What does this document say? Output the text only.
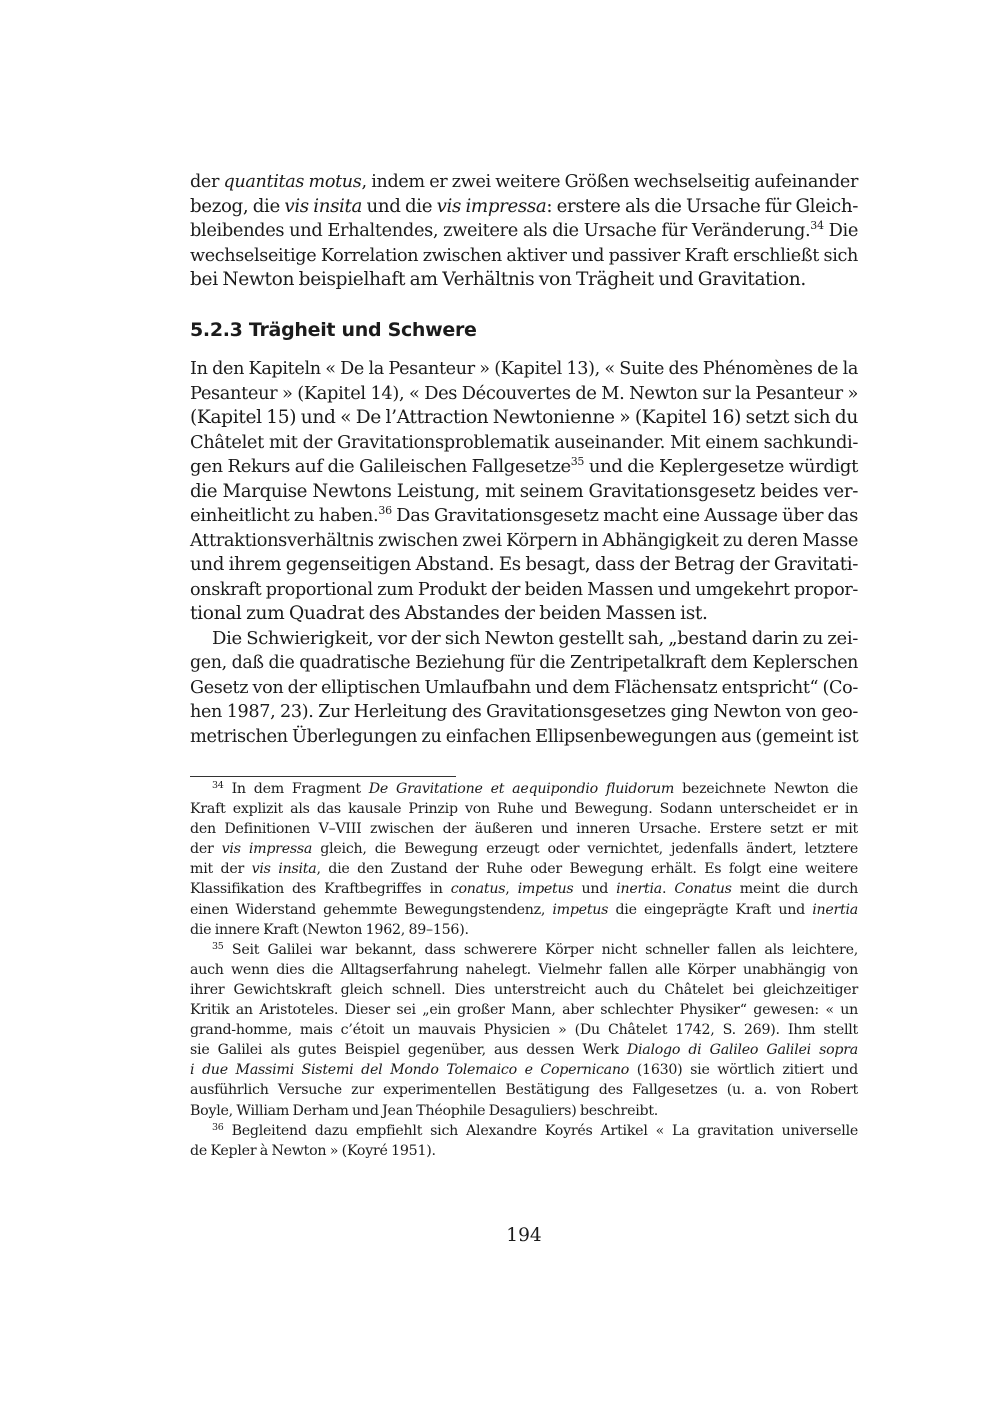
der quantitas motus, indem er zwei weitere Größen wechselseitig aufeinander
bezog, die vis insita und die vis impressa: erstere als die Ursache für Gleich-
bleibendes und Erhaltendes, zweitere als die Ursache für Veränderung.$^{34}$ Die
wechselseitige Korrelation zwischen aktiver und passiver Kraft erschließt sich
bei Newton beispielhaft am Verhältnis von Trägheit und Gravitation.
5.2.3 Trägheit und Schwere
In den Kapiteln « De la Pesanteur » (Kapitel 13), « Suite des Phénomènes de la
Pesanteur » (Kapitel 14), « Des Découvertes de M. Newton sur la Pesanteur »
(Kapitel 15) und « De l’Attraction Newtonienne » (Kapitel 16) setzt sich du
Châtelet mit der Gravitationsproblematik auseinander. Mit einem sachkundi-
gen Rekurs auf die Galileischen Fallgesetze$^{35}$ und die Keplergesetze würdigt
die Marquise Newtons Leistung, mit seinem Gravitationsgesetz beides ver-
einheitlicht zu haben.$^{36}$ Das Gravitationsgesetz macht eine Aussage über das
Attraktionsverhältnis zwischen zwei Körpern in Abhängigkeit zu deren Masse
und ihrem gegenseitigen Abstand. Es besagt, dass der Betrag der Gravitati-
onskraft proportional zum Produkt der beiden Massen und umgekehrt propor-
tional zum Quadrat des Abstandes der beiden Massen ist.
Die Schwierigkeit, vor der sich Newton gestellt sah, „bestand darin zu zei-
gen, daß die quadratische Beziehung für die Zentripetalkraft dem Keplerschen
Gesetz von der elliptischen Umlaufbahn und dem Flächensatz entspricht“ (Co-
hen 1987, 23). Zur Herleitung des Gravitationsgesetzes ging Newton von geo-
metrischen Überlegungen zu einfachen Ellipsenbewegungen aus (gemeint ist
$^{34}$ In dem Fragment De Gravitatione et aequipondio fluidorum bezeichnete Newton die
Kraft explizit als das kausale Prinzip von Ruhe und Bewegung. Sodann unterscheidet er in
den Definitionen V–VIII zwischen der äußeren und inneren Ursache. Erstere setzt er mit
der vis impressa gleich, die Bewegung erzeugt oder vernichtet, jedenfalls ändert, letztere
mit der vis insita, die den Zustand der Ruhe oder Bewegung erhält. Es folgt eine weitere
Klassifikation des Kraftbegriffes in conatus, impetus und inertia. Conatus meint die durch
einen Widerstand gehemmte Bewegungstendenz, impetus die eingeprägte Kraft und inertia
die innere Kraft (Newton 1962, 89–156).
$^{35}$ Seit Galilei war bekannt, dass schwerere Körper nicht schneller fallen als leichtere,
auch wenn dies die Alltagserfahrung nahelegt. Vielmehr fallen alle Körper unabhängig von
ihrer Gewichtskraft gleich schnell. Dies unterstreicht auch du Châtelet bei gleichzeitiger
Kritik an Aristoteles. Dieser sei „ein großer Mann, aber schlechter Physiker“ gewesen: « un
grand-homme, mais c’étoit un mauvais Physicien » (Du Châtelet 1742, S. 269). Ihm stellt
sie Galilei als gutes Beispiel gegenüber, aus dessen Werk Dialogo di Galileo Galilei sopra
i due Massimi Sistemi del Mondo Tolemaico e Copernicano (1630) sie wörtlich zitiert und
ausführlich Versuche zur experimentellen Bestätigung des Fallgesetzes (u. a. von Robert
Boyle, William Derham und Jean Théophile Desaguliers) beschreibt.
$^{36}$ Begleitend dazu empfiehlt sich Alexandre Koyrés Artikel « La gravitation universelle
de Kepler à Newton » (Koyré 1951).
194
